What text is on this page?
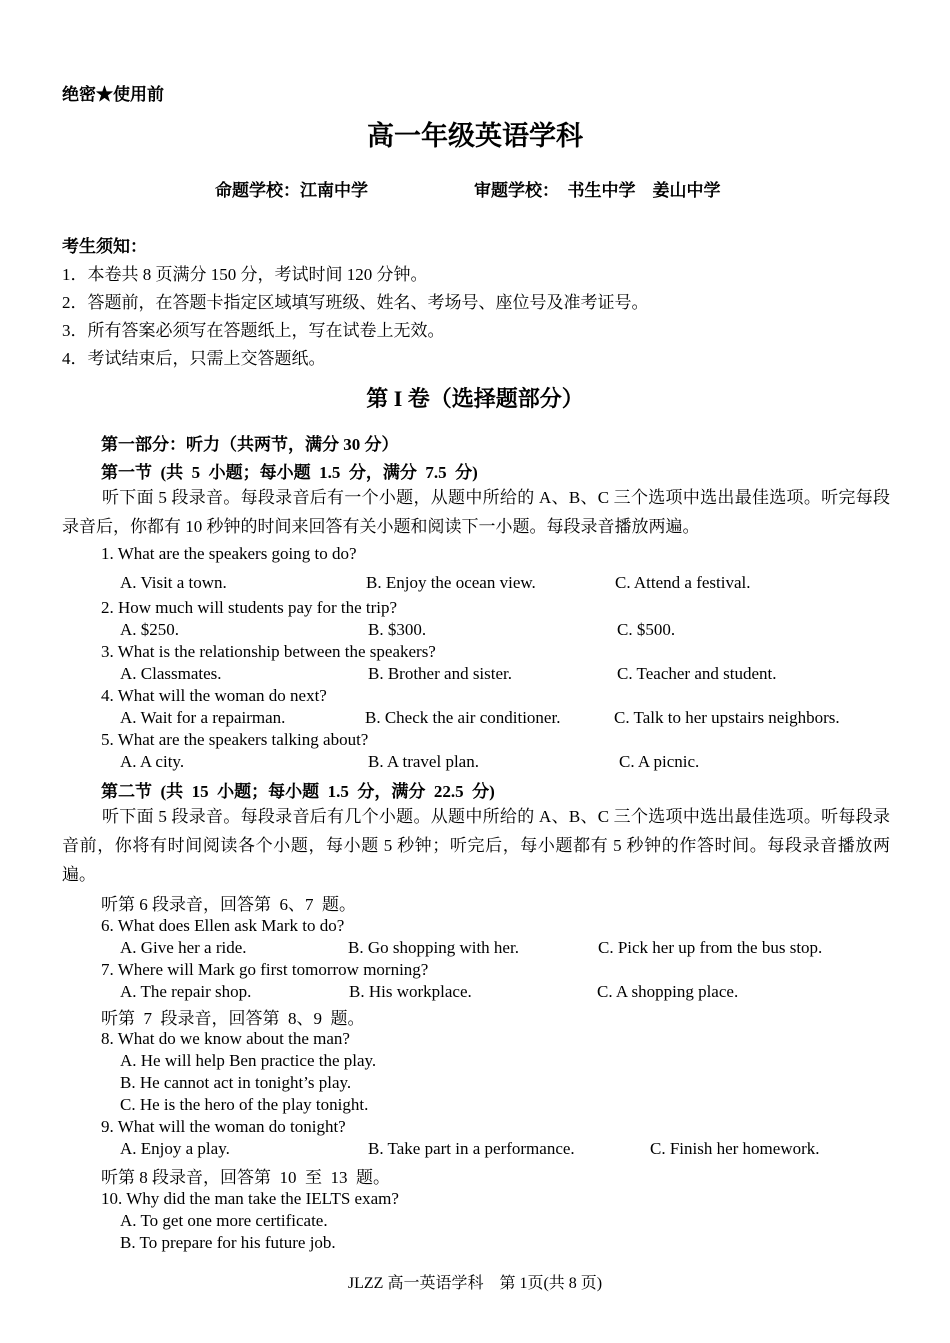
绝密★使用前
高一年级英语学科
命题学校：江南中学	审题学校：  书生中学    姜山中学
考生须知：
1．本卷共 8 页满分 150 分，考试时间 120 分钟。
2．答题前，在答题卡指定区域填写班级、姓名、考场号、座位号及准考证号。
3．所有答案必须写在答题纸上，写在试卷上无效。
4．考试结束后，只需上交答题纸。
第 I 卷（选择题部分）
第一部分：听力（共两节，满分 30 分）
第一节  (共  5  小题；每小题  1.5  分，满分  7.5  分)
听下面 5 段录音。每段录音后有一个小题，从题中所给的 A、B、C 三个选项中选出最佳选项。听完每段录音后，你都有 10 秒钟的时间来回答有关小题和阅读下一小题。每段录音播放两遍。
1. What are the speakers going to do?
A. Visit a town.	B. Enjoy the ocean view.	C. Attend a festival.
2. How much will students pay for the trip?
A. $250.	B. $300.	C. $500.
3. What is the relationship between the speakers?
A. Classmates.	B. Brother and sister.	C. Teacher and student.
4. What will the woman do next?
A. Wait for a repairman.	B. Check the air conditioner.	C. Talk to her upstairs neighbors.
5. What are the speakers talking about?
A. A city.	B. A travel plan.	C. A picnic.
第二节  (共  15  小题；每小题  1.5  分，满分  22.5  分)
听下面 5 段录音。每段录音后有几个小题。从题中所给的 A、B、C 三个选项中选出最佳选项。听每段录音前，你将有时间阅读各个小题，每小题 5 秒钟；听完后，每小题都有 5 秒钟的作答时间。每段录音播放两遍。
听第 6 段录音，回答第  6、7  题。
6. What does Ellen ask Mark to do?
A. Give her a ride.	B. Go shopping with her.	C. Pick her up from the bus stop.
7. Where will Mark go first tomorrow morning?
A. The repair shop.	B. His workplace.	C. A shopping place.
听第  7  段录音，回答第  8、9  题。
8. What do we know about the man?
A. He will help Ben practice the play.
B. He cannot act in tonight’s play.
C. He is the hero of the play tonight.
9. What will the woman do tonight?
A. Enjoy a play.	B. Take part in a performance.	C. Finish her homework.
听第 8 段录音，回答第  10  至  13  题。
10. Why did the man take the IELTS exam?
A. To get one more certificate.
B. To prepare for his future job.
JLZZ 高一英语学科    第 1页(共 8 页)
